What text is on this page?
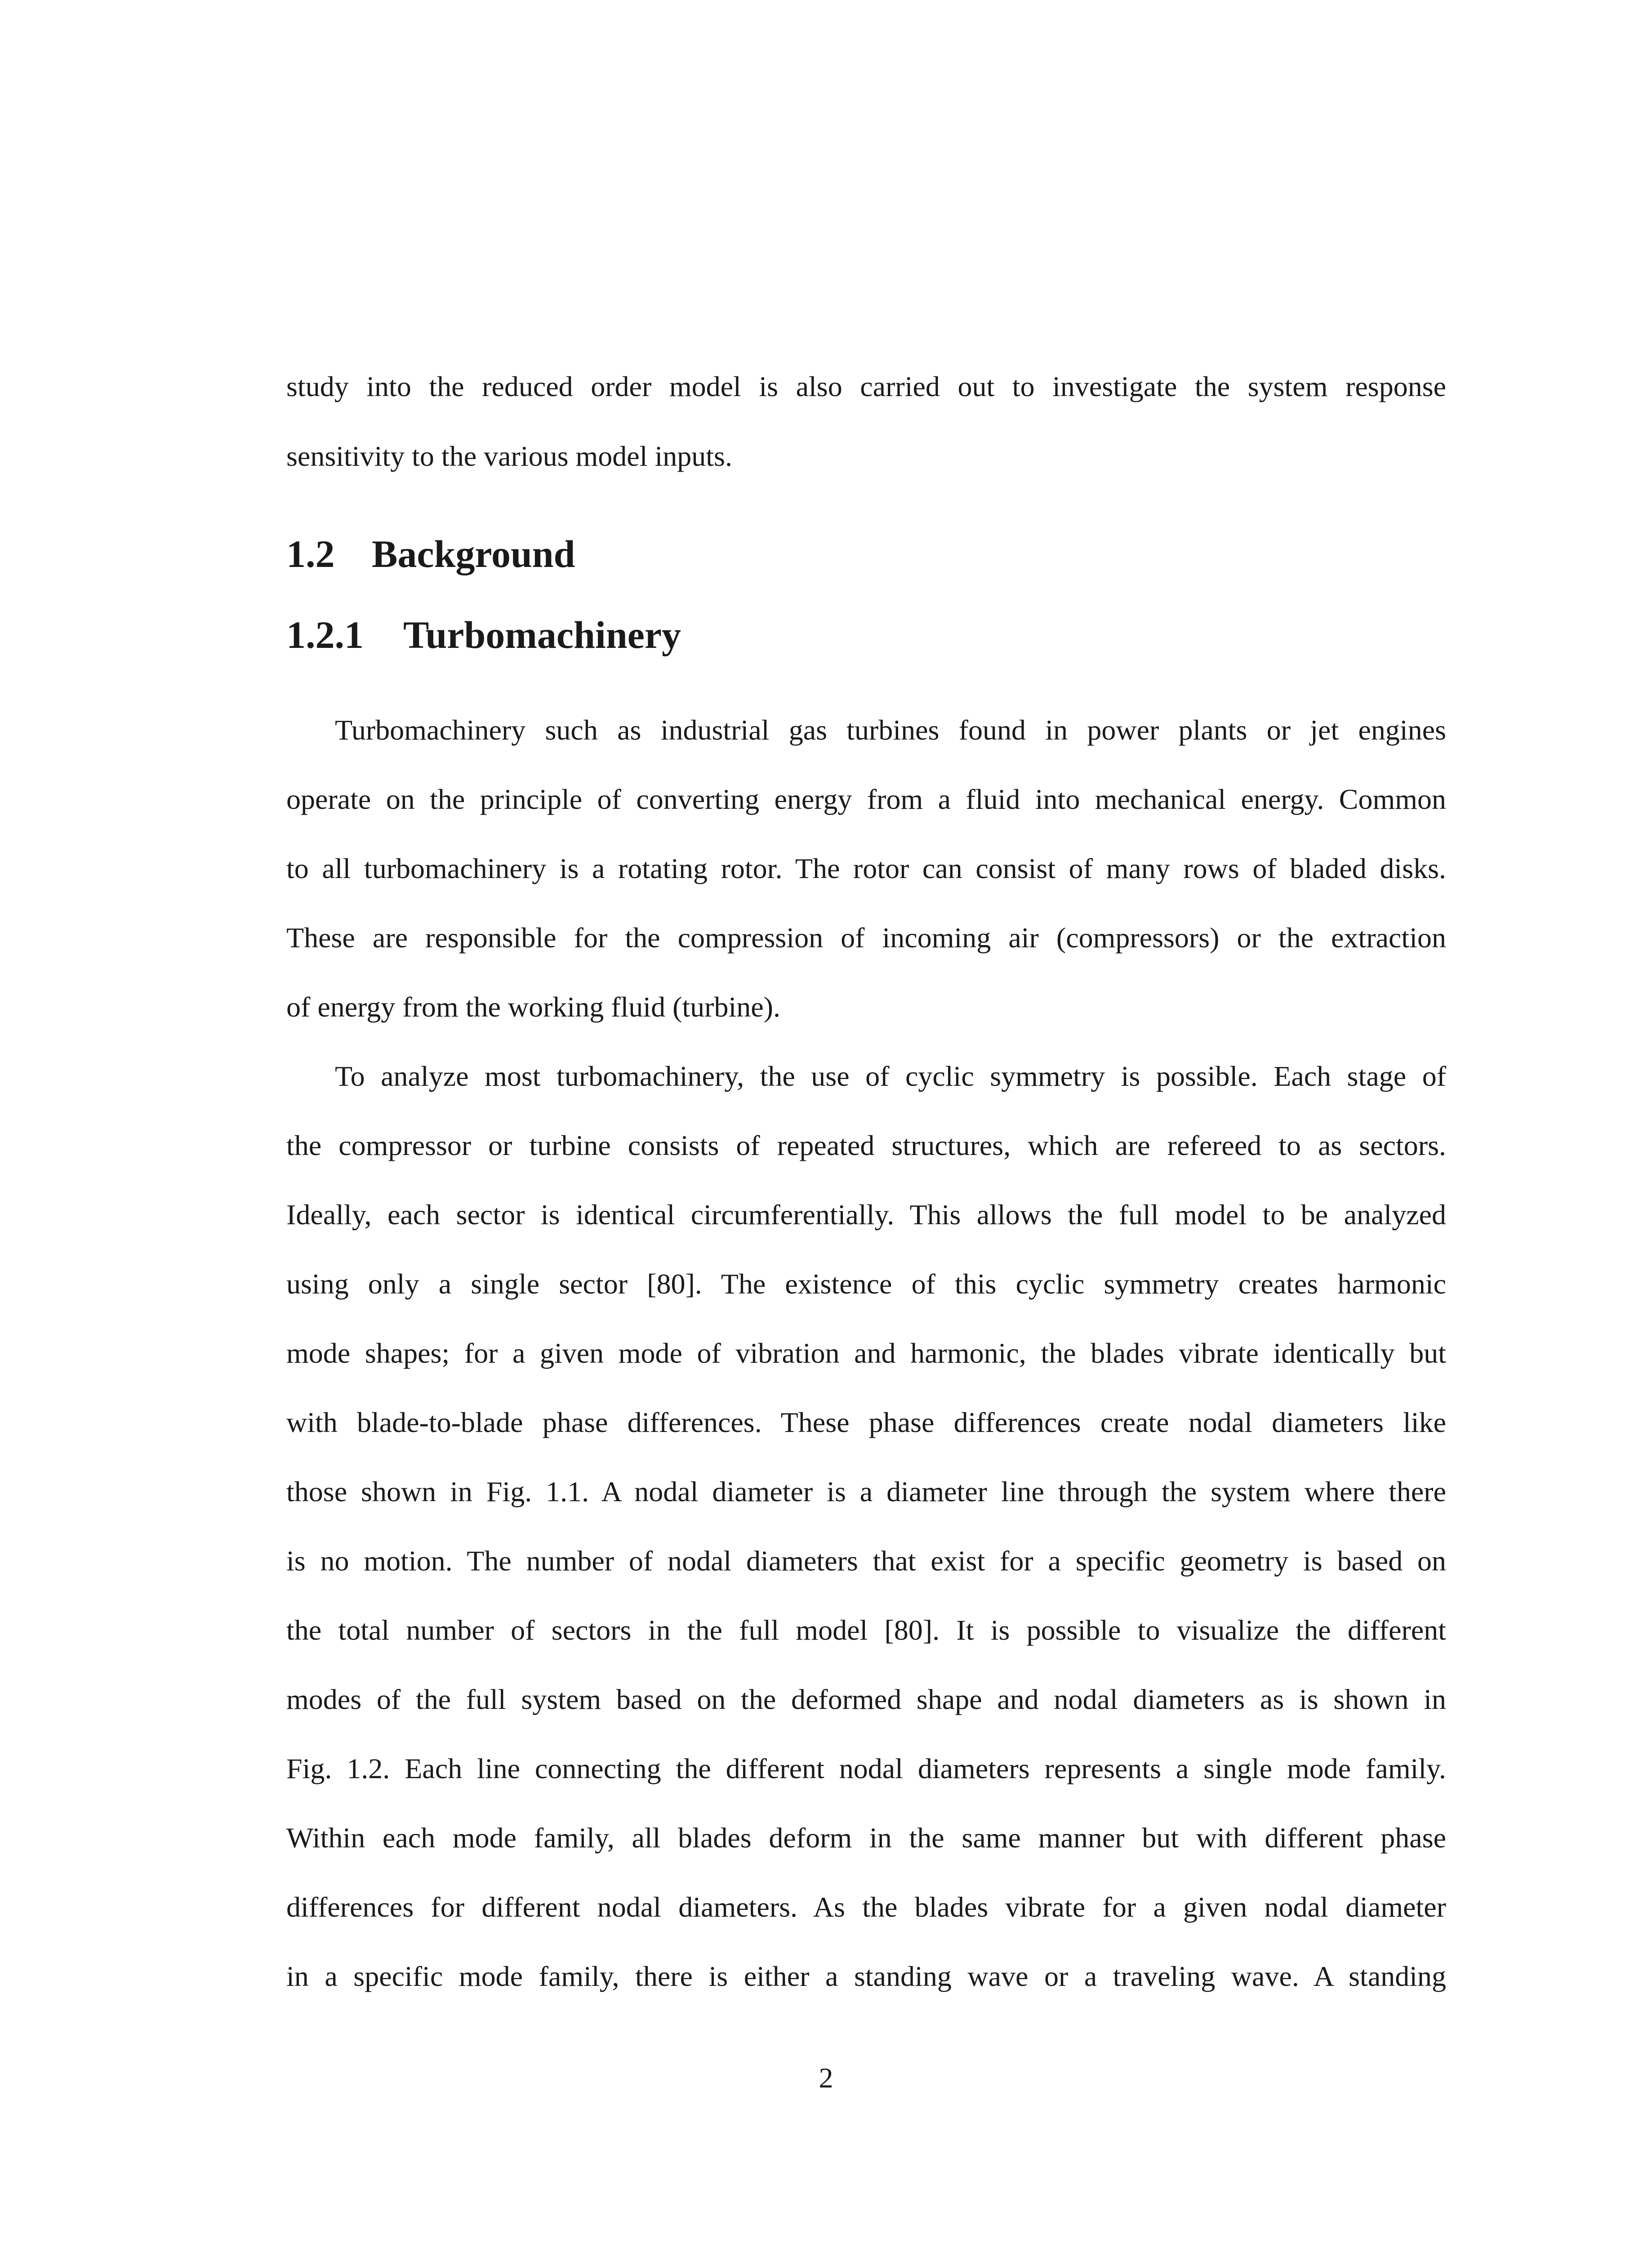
study into the reduced order model is also carried out to investigate the system response
sensitivity to the various model inputs.
1.2 Background
1.2.1 Turbomachinery
Turbomachinery such as industrial gas turbines found in power plants or jet engines
operate on the principle of converting energy from a fluid into mechanical energy. Common
to all turbomachinery is a rotating rotor. The rotor can consist of many rows of bladed disks.
These are responsible for the compression of incoming air (compressors) or the extraction
of energy from the working fluid (turbine).
To analyze most turbomachinery, the use of cyclic symmetry is possible. Each stage of
the compressor or turbine consists of repeated structures, which are refereed to as sectors.
Ideally, each sector is identical circumferentially. This allows the full model to be analyzed
using only a single sector [80]. The existence of this cyclic symmetry creates harmonic
mode shapes; for a given mode of vibration and harmonic, the blades vibrate identically but
with blade-to-blade phase differences. These phase differences create nodal diameters like
those shown in Fig. 1.1. A nodal diameter is a diameter line through the system where there
is no motion. The number of nodal diameters that exist for a specific geometry is based on
the total number of sectors in the full model [80]. It is possible to visualize the different
modes of the full system based on the deformed shape and nodal diameters as is shown in
Fig. 1.2. Each line connecting the different nodal diameters represents a single mode family.
Within each mode family, all blades deform in the same manner but with different phase
differences for different nodal diameters. As the blades vibrate for a given nodal diameter
in a specific mode family, there is either a standing wave or a traveling wave. A standing
2
